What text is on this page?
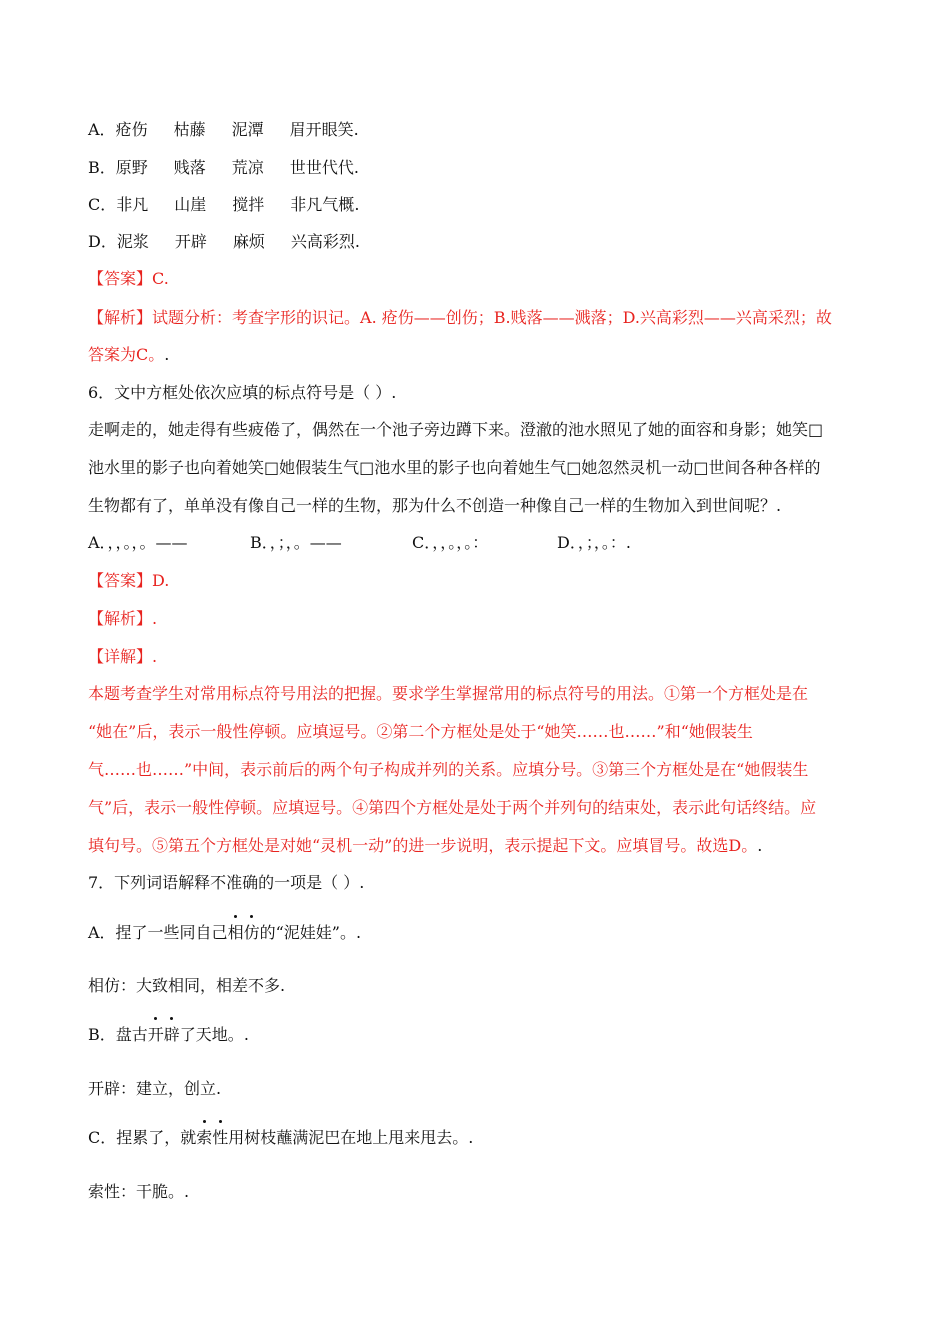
A．疮伤 枯藤 泥潭 眉开眼笑.
B．原野 贱落 荒凉 世世代代.
C．非凡 山崖 搅拌 非凡气概.
D．泥浆 开辟 麻烦 兴高彩烈.
【答案】C.
【解析】试题分析：考查字形的识记。A. 疮伤——创伤；B.贱落——溅落；D.兴高彩烈——兴高采烈；故
答案为C。.
6．文中方框处依次应填的标点符号是（ ）.
走啊走的，她走得有些疲倦了，偶然在一个池子旁边蹲下来。澄澈的池水照见了她的面容和身影；她笑□
池水里的影子也向着她笑□她假装生气□池水里的影子也向着她生气□她忽然灵机一动□世间各种各样的
生物都有了，单单没有像自己一样的生物，那为什么不创造一种像自己一样的生物加入到世间呢？.
A．，，。，。——	B．，；，。——	C．，，。，。：	D．，；，。：.
【答案】D.
【解析】.
【详解】.
本题考查学生对常用标点符号用法的把握。要求学生掌握常用的标点符号的用法。①第一个方框处是在
“她在”后，表示一般性停顿。应填逗号。②第二个方框处是处于“她笑……也……”和“她假装生
气……也……”中间，表示前后的两个句子构成并列的关系。应填分号。③第三个方框处是在“她假装生
气”后，表示一般性停顿。应填逗号。④第四个方框处是处于两个并列句的结束处，表示此句话终结。应
填句号。⑤第五个方框处是对她“灵机一动”的进一步说明，表示提起下文。应填冒号。故选D。.
7．下列词语解释不准确的一项是（ ）.
A．捏了一些同自己相仿的“泥娃娃”。.
相仿：大致相同，相差不多.
B．盘古开辟了天地。.
开辟：建立，创立.
C．捏累了，就索性用树枝蘸满泥巴在地上甩来甩去。.
索性：干脆。.
